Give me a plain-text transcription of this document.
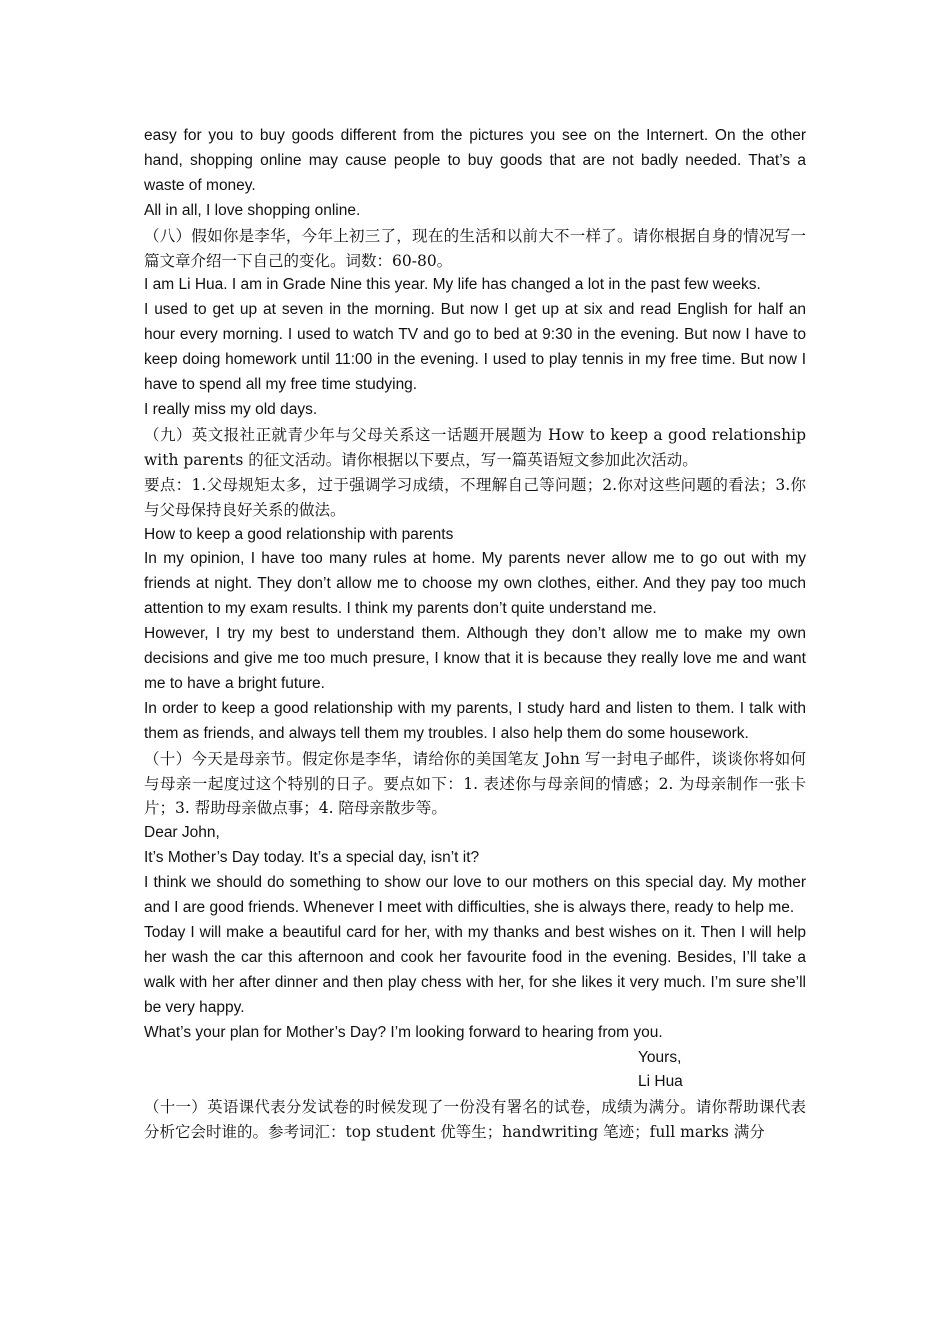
easy for you to buy goods different from the pictures you see on the Internert. On the other hand, shopping online may cause people to buy goods that are not badly needed. That’s a waste of money.

All in all, I love shopping online.

（八）假如你是李华，今年上初三了，现在的生活和以前大不一样了。请你根据自身的情况写一篇文章介绍一下自己的变化。词数：60-80。

I am Li Hua. I am in Grade Nine this year. My life has changed a lot in the past few weeks.

I used to get up at seven in the morning. But now I get up at six and read English for half an hour every morning. I used to watch TV and go to bed at 9:30 in the evening. But now I have to keep doing homework until 11:00 in the evening. I used to play tennis in my free time. But now I have to spend all my free time studying.

I really miss my old days.

（九）英文报社正就青少年与父母关系这一话题开展题为 How to keep a good relationship with parents 的征文活动。请你根据以下要点，写一篇英语短文参加此次活动。

要点：1.父母规矩太多，过于强调学习成绩，不理解自己等问题；2.你对这些问题的看法；3.你与父母保持良好关系的做法。

How to keep a good relationship with parents

In my opinion, I have too many rules at home. My parents never allow me to go out with my friends at night. They don’t allow me to choose my own clothes, either. And they pay too much attention to my exam results. I think my parents don’t quite understand me.

However, I try my best to understand them. Although they don’t allow me to make my own decisions and give me too much presure, I know that it is because they really love me and want me to have a bright future.

In order to keep a good relationship with my parents, I study hard and listen to them. I talk with them as friends, and always tell them my troubles. I also help them do some housework.

（十）今天是母亲节。假定你是李华，请给你的美国笔友 John 写一封电子邮件，谈谈你将如何与母亲一起度过这个特别的日子。要点如下：1. 表述你与母亲间的情感；2. 为母亲制作一张卡片；3. 帮助母亲做点事；4. 陪母亲散步等。

Dear John,

It’s Mother’s Day today. It’s a special day, isn’t it?

I think we should do something to show our love to our mothers on this special day. My mother and I are good friends. Whenever I meet with difficulties, she is always there, ready to help me.

Today I will make a beautiful card for her, with my thanks and best wishes on it. Then I will help her wash the car this afternoon and cook her favourite food in the evening. Besides, I’ll take a walk with her after dinner and then play chess with her, for she likes it very much. I’m sure she’ll be very happy.

What’s your plan for Mother’s Day? I’m looking forward to hearing from you.

Yours,

Li Hua

（十一）英语课代表分发试卷的时候发现了一份没有署名的试卷，成绩为满分。请你帮助课代表分析它会时谁的。参考词汇：top student 优等生；handwriting 笔迹；full marks 满分
